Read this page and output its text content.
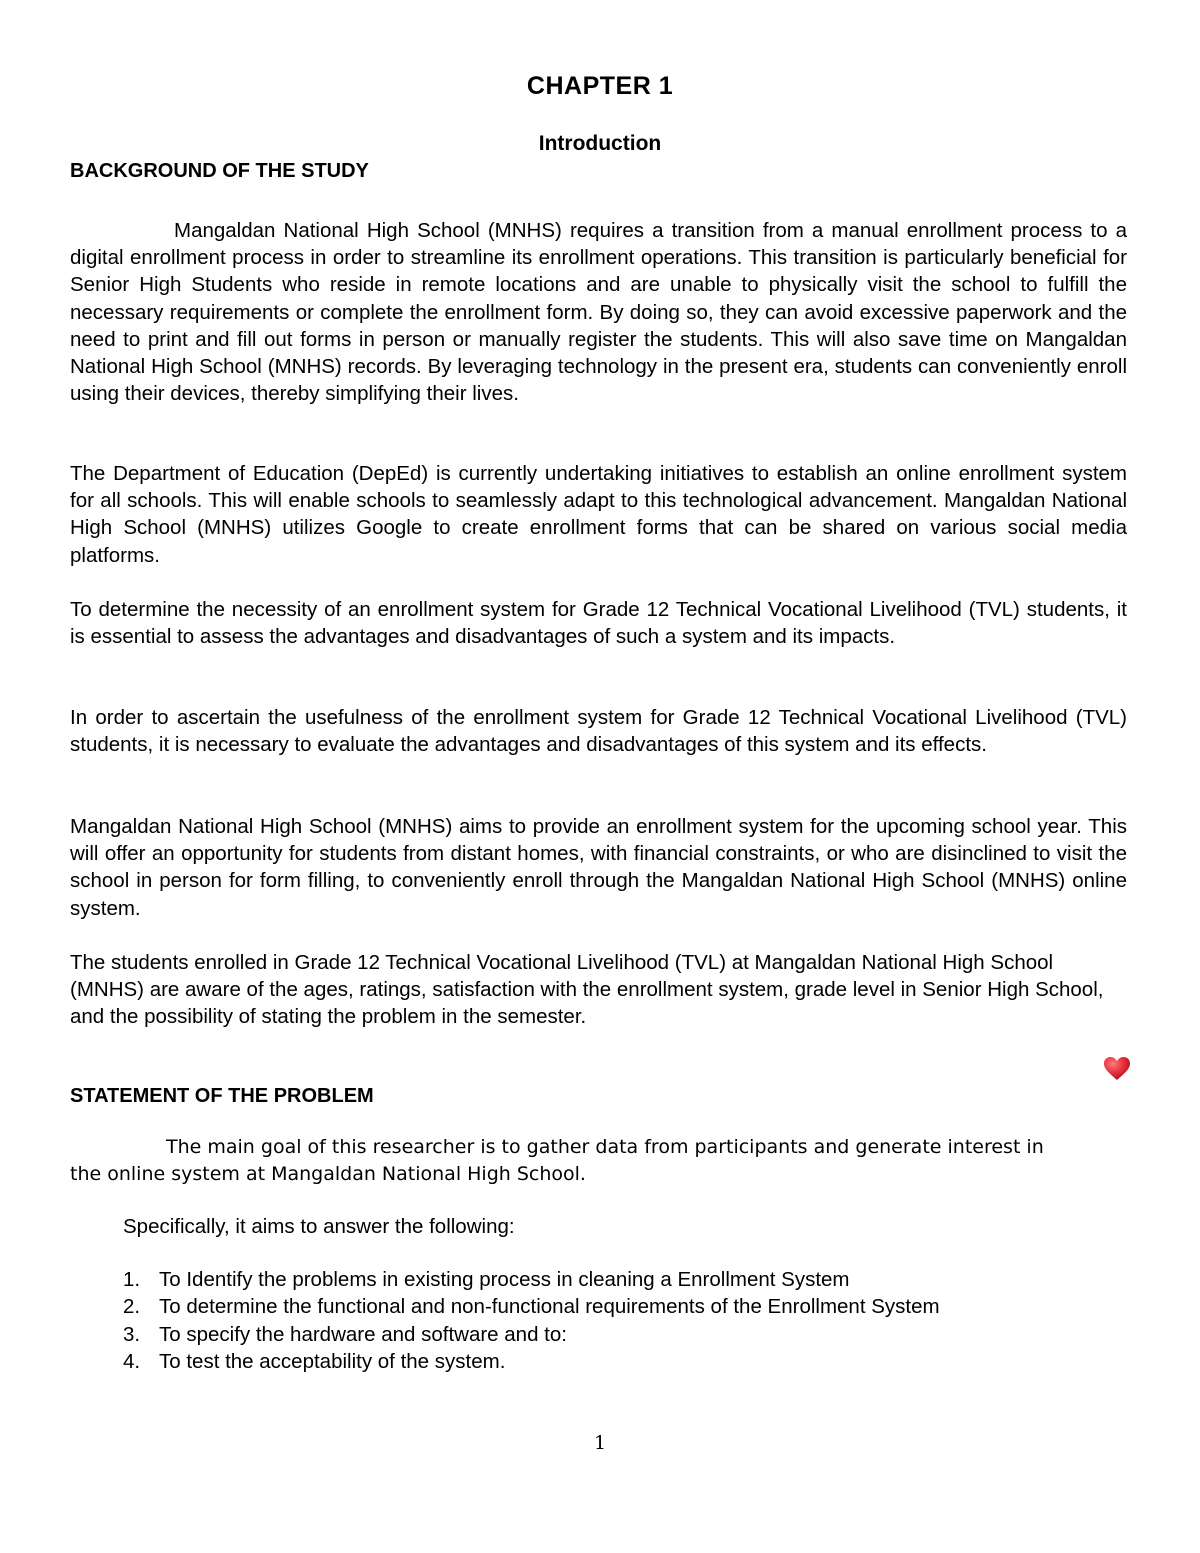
CHAPTER 1
Introduction
BACKGROUND OF THE STUDY

Mangaldan National High School (MNHS) requires a transition from a manual enrollment process to a digital enrollment process in order to streamline its enrollment operations. This transition is particularly beneficial for Senior High Students who reside in remote locations and are unable to physically visit the school to fulfill the necessary requirements or complete the enrollment form. By doing so, they can avoid excessive paperwork and the need to print and fill out forms in person or manually register the students. This will also save time on Mangaldan National High School (MNHS) records. By leveraging technology in the present era, students can conveniently enroll using their devices, thereby simplifying their lives.

The Department of Education (DepEd) is currently undertaking initiatives to establish an online enrollment system for all schools. This will enable schools to seamlessly adapt to this technological advancement. Mangaldan National High School (MNHS) utilizes Google to create enrollment forms that can be shared on various social media platforms.

To determine the necessity of an enrollment system for Grade 12 Technical Vocational Livelihood (TVL) students, it is essential to assess the advantages and disadvantages of such a system and its impacts.

In order to ascertain the usefulness of the enrollment system for Grade 12 Technical Vocational Livelihood (TVL) students, it is necessary to evaluate the advantages and disadvantages of this system and its effects.

Mangaldan National High School (MNHS) aims to provide an enrollment system for the upcoming school year. This will offer an opportunity for students from distant homes, with financial constraints, or who are disinclined to visit the school in person for form filling, to conveniently enroll through the Mangaldan National High School (MNHS) online system.

The students enrolled in Grade 12 Technical Vocational Livelihood (TVL) at Mangaldan National High School (MNHS) are aware of the ages, ratings, satisfaction with the enrollment system, grade level in Senior High School, and the possibility of stating the problem in the semester.

STATEMENT OF THE PROBLEM

The main goal of this researcher is to gather data from participants and generate interest in the online system at Mangaldan National High School.

Specifically, it aims to answer the following:
1. To Identify the problems in existing process in cleaning a Enrollment System
2. To determine the functional and non-functional requirements of the Enrollment System
3. To specify the hardware and software and to:
4. To test the acceptability of the system.
1
